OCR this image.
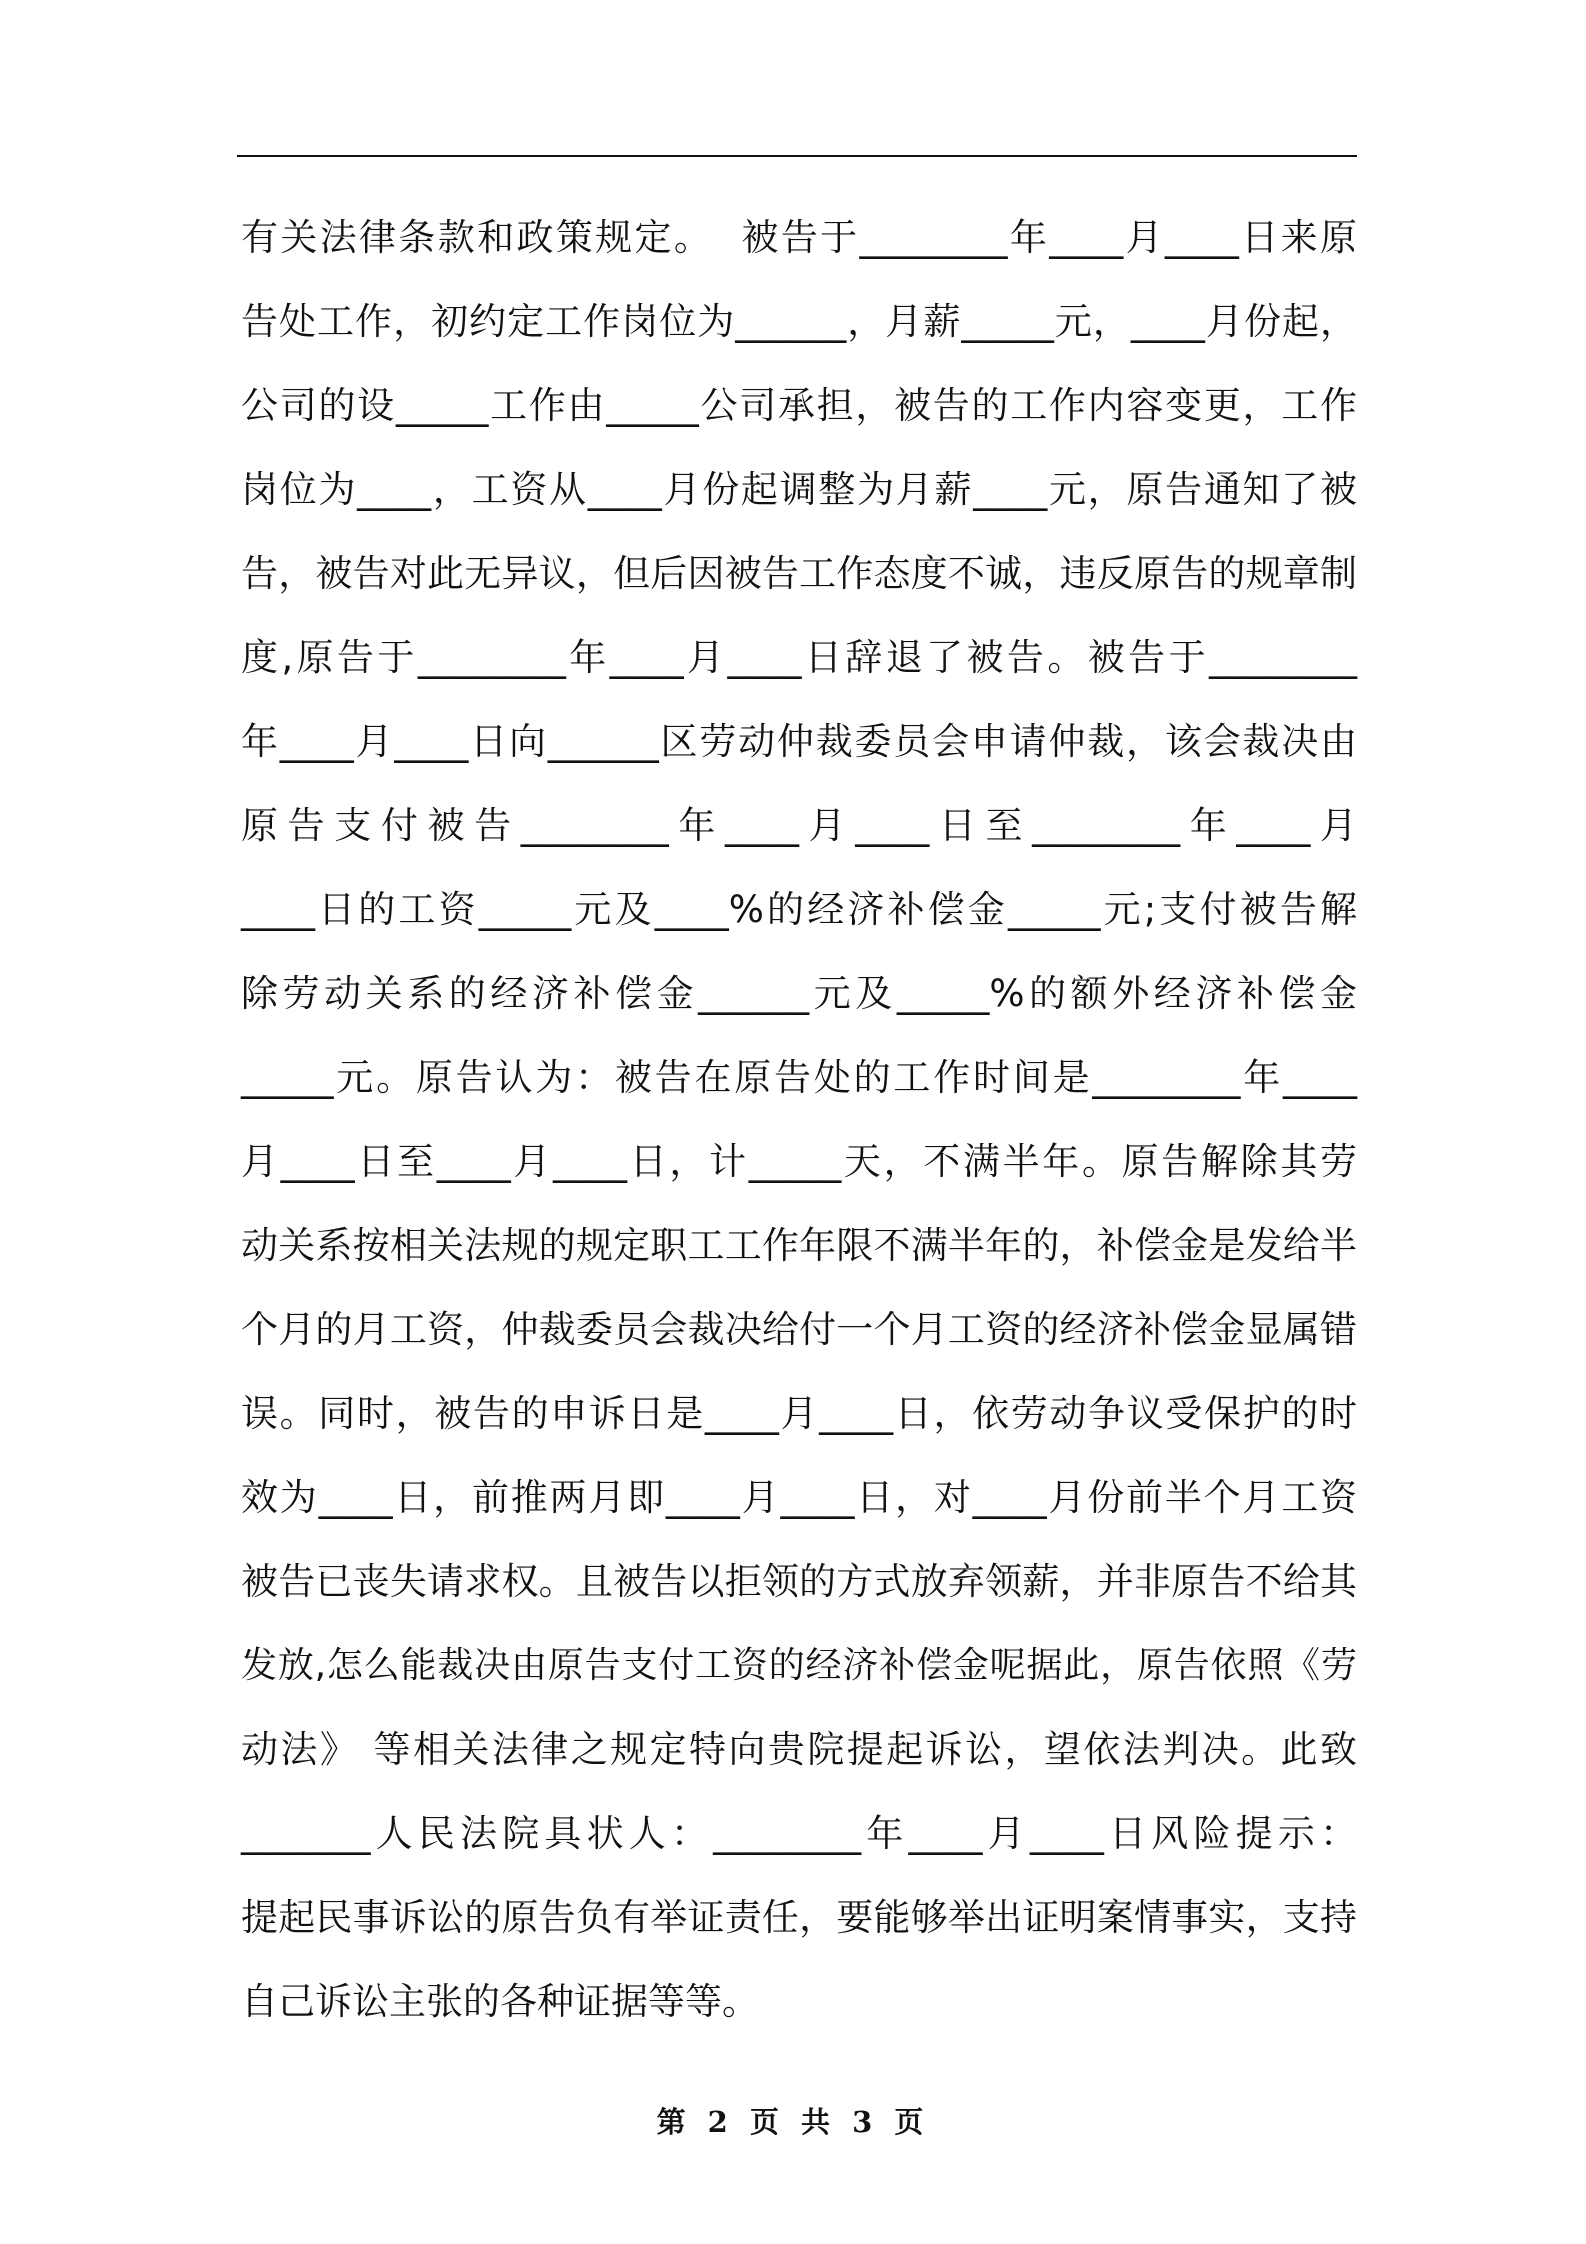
有关法律条款和政策规定。  被告于________年____月____日来原
告处工作，初约定工作岗位为______，月薪_____元，____月份起，
公司的设_____工作由_____公司承担，被告的工作内容变更，工作
岗位为____，工资从____月份起调整为月薪____元，原告通知了被
告，被告对此无异议，但后因被告工作态度不诚，违反原告的规章制
度,原告于________年____月____日辞退了被告。被告于________
年____月____日向______区劳动仲裁委员会申请仲裁，该会裁决由
原告支付被告________年____月____日至________年____月
____日的工资_____元及____%的经济补偿金_____元;支付被告解
除劳动关系的经济补偿金______元及_____%的额外经济补偿金
_____元。原告认为：被告在原告处的工作时间是________年____
月____日至____月____日，计_____天，不满半年。原告解除其劳
动关系按相关法规的规定职工工作年限不满半年的，补偿金是发给半
个月的月工资，仲裁委员会裁决给付一个月工资的经济补偿金显属错
误。同时，被告的申诉日是____月____日，依劳动争议受保护的时
效为____日，前推两月即____月____日，对____月份前半个月工资
被告已丧失请求权。且被告以拒领的方式放弃领薪，并非原告不给其
发放,怎么能裁决由原告支付工资的经济补偿金呢据此，原告依照《劳
动法》 等相关法律之规定特向贵院提起诉讼，望依法判决。此致
_______人民法院具状人：________年____月____日风险提示：
提起民事诉讼的原告负有举证责任，要能够举出证明案情事实，支持
自己诉讼主张的各种证据等等。
第 2 页 共 3 页
